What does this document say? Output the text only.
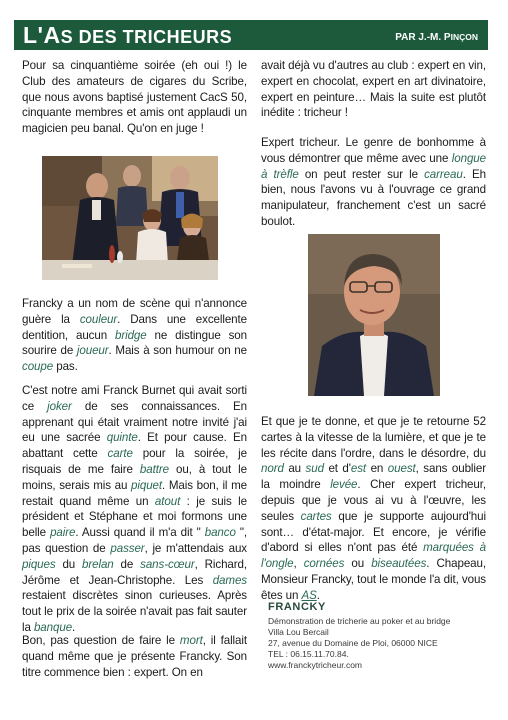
L'AS DES TRICHEURS	PAR J.-M. PINÇON

Pour sa cinquantième soirée (eh oui !) le Club des amateurs de cigares du Scribe, que nous avons baptisé justement CacS 50, cinquante membres et amis ont applaudi un magicien peu banal. Qu'on en juge !

Francky a un nom de scène qui n'annonce guère la couleur. Dans une excellente dentition, aucun bridge ne distingue son sourire de joueur. Mais à son humour on ne coupe pas.

C'est notre ami Franck Burnet qui avait sorti ce joker de ses connaissances. En apprenant qui était vraiment notre invité j'ai eu une sacrée quinte. Et pour cause. En abattant cette carte pour la soirée, je risquais de me faire battre ou, à tout le moins, serais mis au piquet. Mais bon, il me restait quand même un atout : je suis le président et Stéphane et moi formons une belle paire. Aussi quand il m'a dit " banco ", pas question de passer, je m'attendais aux piques du brelan de sans-cœur, Richard, Jérôme et Jean-Christophe. Les dames restaient discrètes sinon curieuses. Après tout le prix de la soirée n'avait pas fait sauter la banque.

Bon, pas question de faire le mort, il fallait quand même que je présente Francky. Son titre commence bien : expert. On en

avait déjà vu d'autres au club : expert en vin, expert en chocolat, expert en art divinatoire, expert en peinture… Mais la suite est plutôt inédite : tricheur !

Expert tricheur. Le genre de bonhomme à vous démontrer que même avec une longue à trèfle on peut rester sur le carreau. Eh bien, nous l'avons vu à l'ouvrage ce grand manipulateur, franchement c'est un sacré boulot.

Et que je te donne, et que je te retourne 52 cartes à la vitesse de la lumière, et que je te les récite dans l'ordre, dans le désordre, du nord au sud et d'est en ouest, sans oublier la moindre levée. Cher expert tricheur, depuis que je vous ai vu à l'œuvre, les seules cartes que je supporte aujourd'hui sont… d'état-major. Et encore, je vérifie d'abord si elles n'ont pas été marquées à l'ongle, cornées ou biseautées. Chapeau, Monsieur Francky, tout le monde l'a dit, vous êtes un AS.

FRANCKY
Démonstration de tricherie au poker et au bridge
Villa Lou Bercail
27, avenue du Domaine de Ploi, 06000 NICE
TEL : 06.15.11.70.84.
www.franckytricheur.com
